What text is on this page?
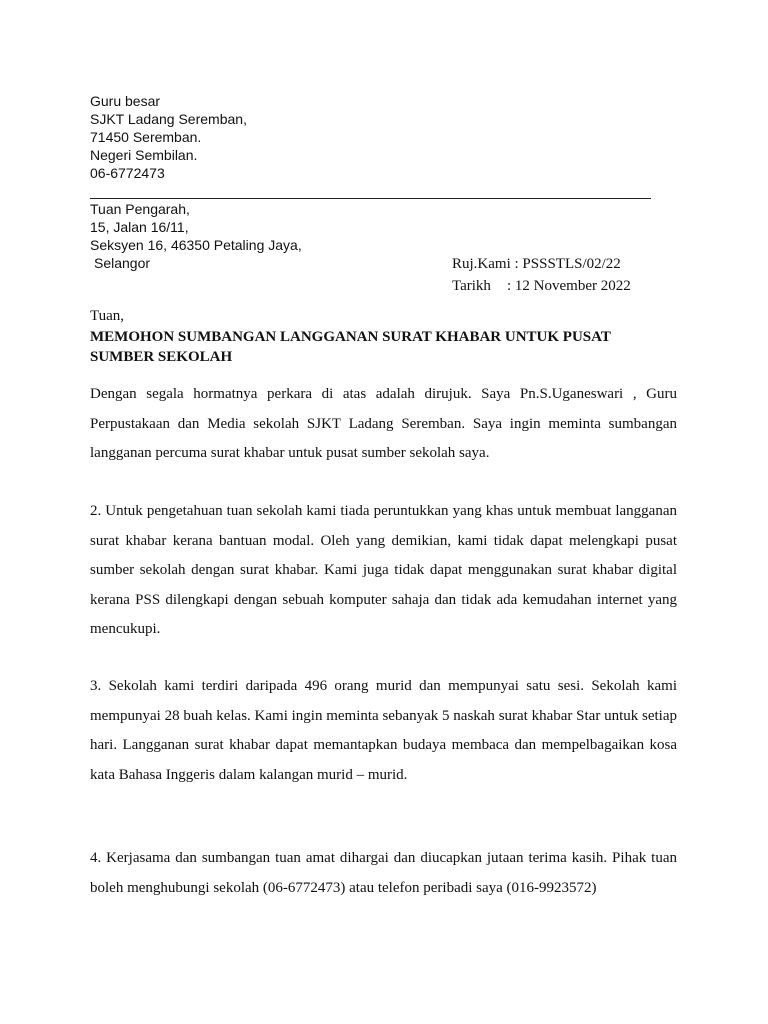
Guru besar
SJKT Ladang Seremban,
71450 Seremban.
Negeri Sembilan.
06-6772473
Tuan Pengarah,
15, Jalan 16/11,
Seksyen 16, 46350 Petaling Jaya,
Selangor	Ruj.Kami : PSSSTLS/02/22
Tarikh : 12 November 2022
Tuan,
MEMOHON SUMBANGAN LANGGANAN SURAT KHABAR UNTUK PUSAT SUMBER SEKOLAH

Dengan segala hormatnya perkara di atas adalah dirujuk. Saya Pn.S.Uganeswari , Guru Perpustakaan dan Media sekolah SJKT Ladang Seremban. Saya ingin meminta sumbangan langganan percuma surat khabar untuk pusat sumber sekolah saya.

2. Untuk pengetahuan tuan sekolah kami tiada peruntukkan yang khas untuk membuat langganan surat khabar kerana bantuan modal. Oleh yang demikian, kami tidak dapat melengkapi pusat sumber sekolah dengan surat khabar. Kami juga tidak dapat menggunakan surat khabar digital kerana PSS dilengkapi dengan sebuah komputer sahaja dan tidak ada kemudahan internet yang mencukupi.

3. Sekolah kami terdiri daripada 496 orang murid dan mempunyai satu sesi. Sekolah kami mempunyai 28 buah kelas. Kami ingin meminta sebanyak 5 naskah surat khabar Star untuk setiap hari. Langganan surat khabar dapat memantapkan budaya membaca dan mempelbagaikan kosa kata Bahasa Inggeris dalam kalangan murid – murid.

4. Kerjasama dan sumbangan tuan amat dihargai dan diucapkan jutaan terima kasih. Pihak tuan boleh menghubungi sekolah (06-6772473) atau telefon peribadi saya (016-9923572)
